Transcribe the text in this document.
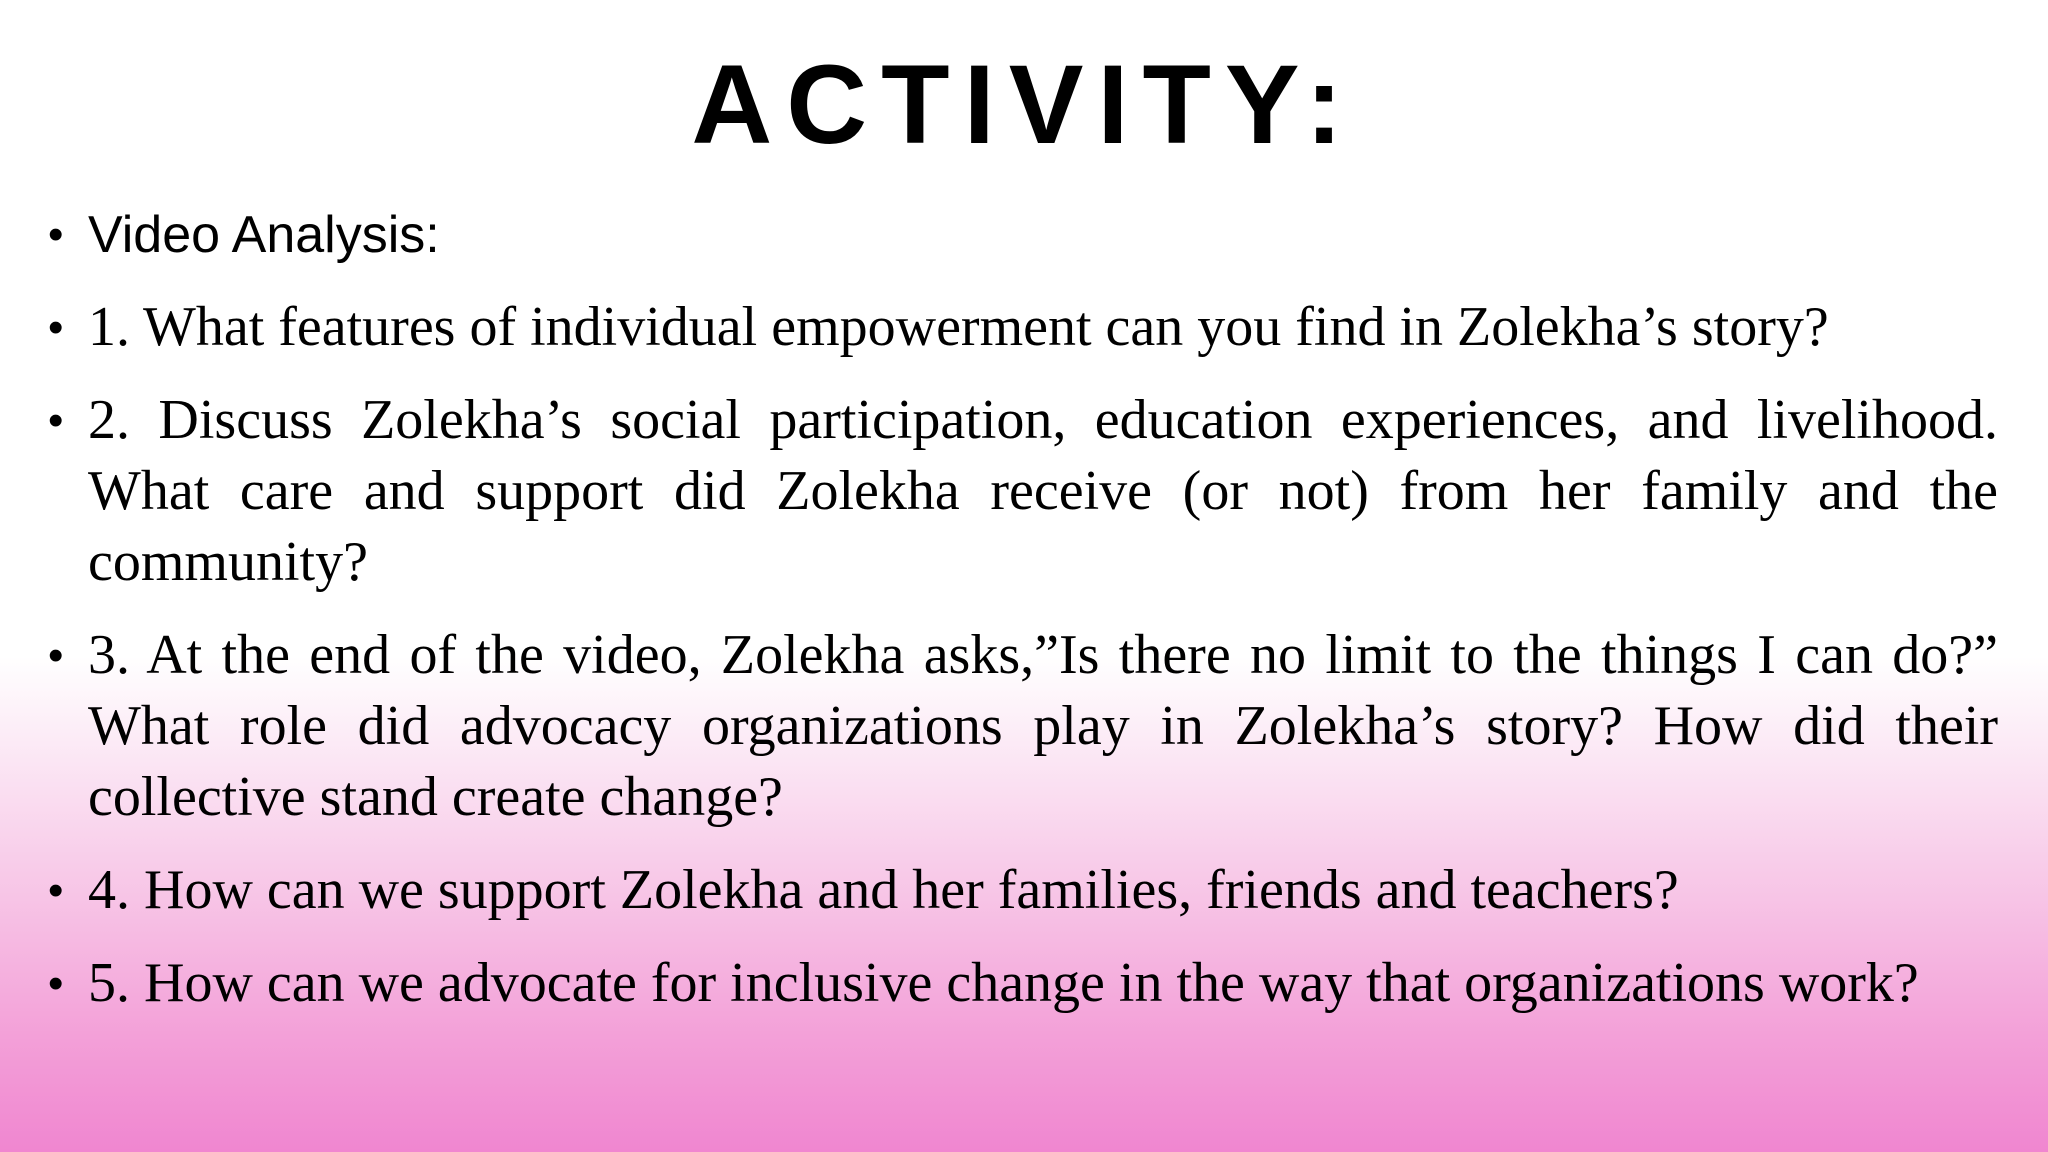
ACTIVITY:
• Video Analysis:
• 1. What features of individual empowerment can you find in Zolekha’s story?
• 2. Discuss Zolekha’s social participation, education experiences, and livelihood. What care and support did Zolekha receive (or not) from her family and the community?
• 3. At the end of the video, Zolekha asks,”Is there no limit to the things I can do?” What role did advocacy organizations play in Zolekha’s story? How did their collective stand create change?
• 4. How can we support Zolekha and her families, friends and teachers?
• 5. How can we advocate for inclusive change in the way that organizations work?
